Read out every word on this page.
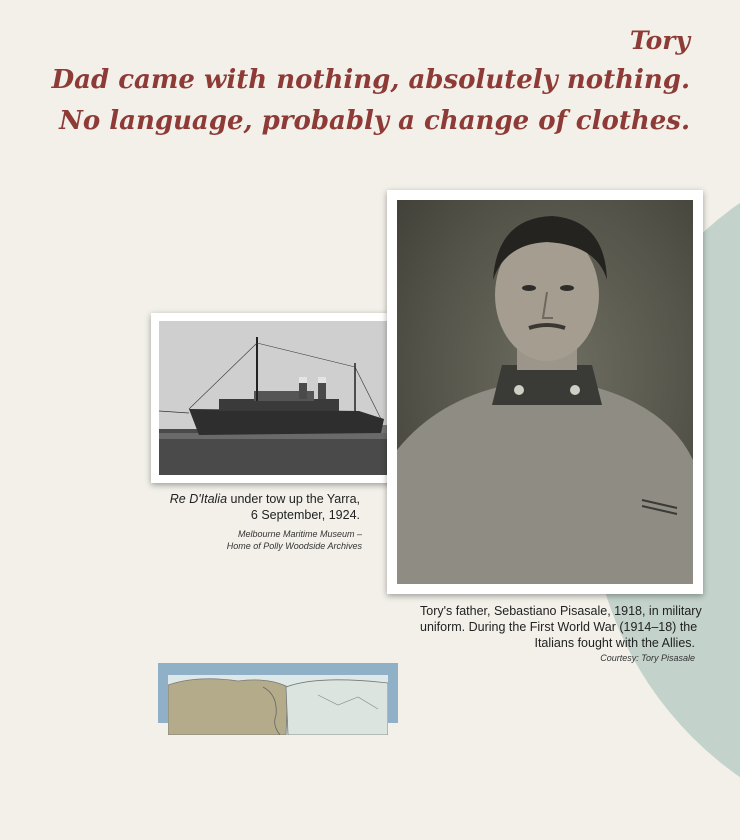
Tory

Dad came with nothing, absolutely nothing.
No language, probably a change of clothes.

Re D'Italia under tow up the Yarra,
6 September, 1924.

Melbourne Maritime Museum –
Home of Polly Woodside Archives

Tory's father, Sebastiano Pisasale, 1918, in military
uniform. During the First World War (1914–18) the
Italians fought with the Allies.

Courtesy: Tory Pisasale
